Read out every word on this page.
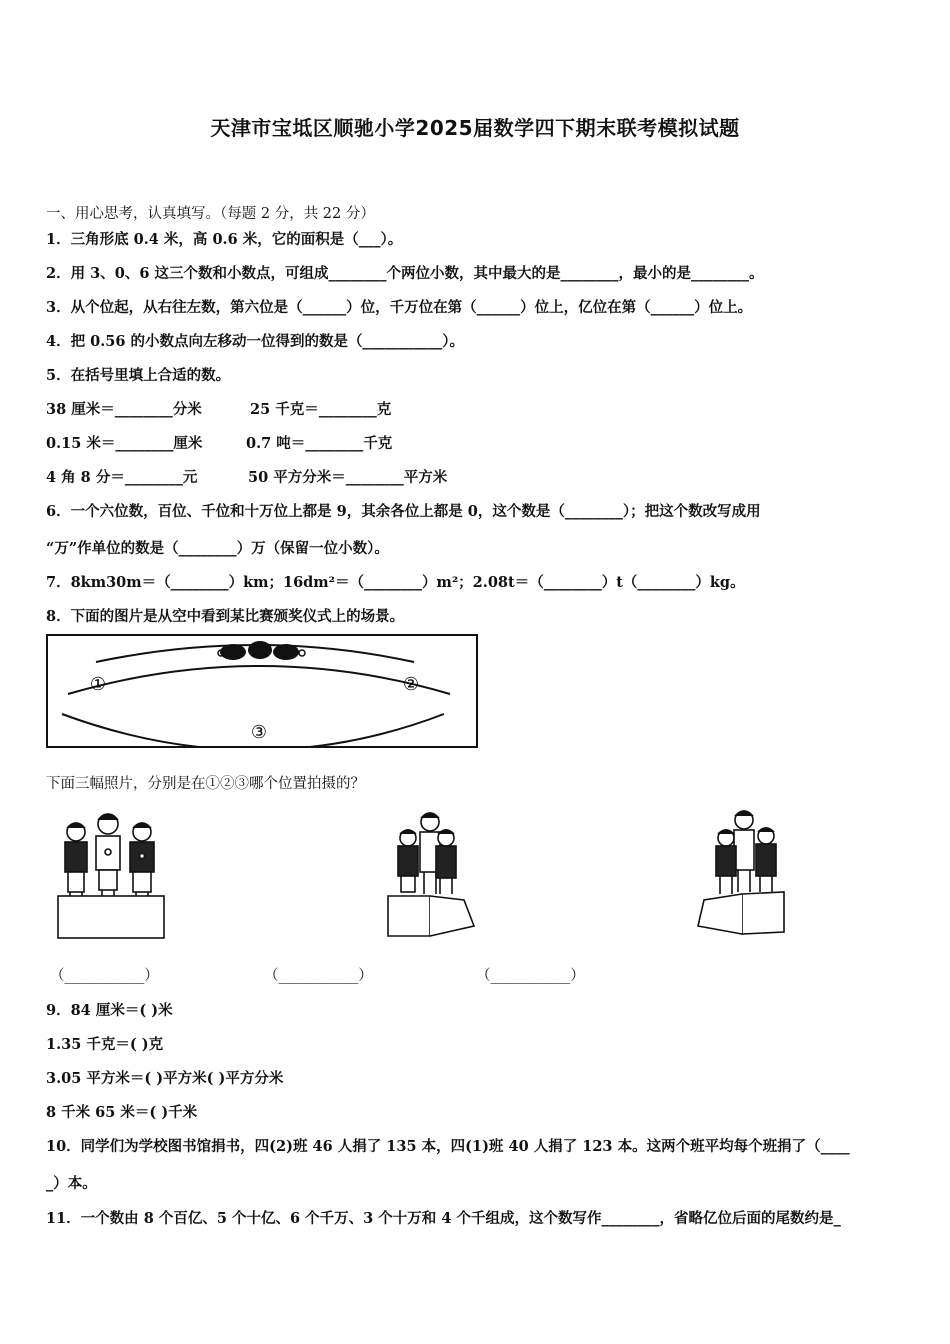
天津市宝坻区顺驰小学2025届数学四下期末联考模拟试题
一、用心思考，认真填写。（每题 2 分，共 22 分）
1．三角形底 0.4 米，高 0.6 米，它的面积是（___）。
2．用 3、0、6 这三个数和小数点，可组成________个两位小数，其中最大的是________，最小的是________。
3．从个位起，从右往左数，第六位是（______）位，千万位在第（______）位上，亿位在第（______）位上。
4．把 0.56 的小数点向左移动一位得到的数是（___________）。
5．在括号里填上合适的数。
38 厘米＝________分米	25 千克＝________克
0.15 米＝________厘米	0.7 吨＝________千克
4 角 8 分＝________元	50 平方分米＝________平方米
6．一个六位数，百位、千位和十万位上都是 9，其余各位上都是 0，这个数是（________）；把这个数改写成用
“万”作单位的数是（________）万（保留一位小数）。
7．8km30m＝（________）km；16dm²＝（________）m²；2.08t＝（________）t（________）kg。
8．下面的图片是从空中看到某比赛颁奖仪式上的场景。
①	②
③
下面三幅照片，分别是在①②③哪个位置拍摄的？
（___________）	（___________）	（___________）
9．84 厘米＝( )米
1.35 千克＝( )克
3.05 平方米＝( )平方米( )平方分米
8 千米 65 米＝( )千米
10．同学们为学校图书馆捐书，四(2)班 46 人捐了 135 本，四(1)班 40 人捐了 123 本。这两个班平均每个班捐了（____
_）本。
11．一个数由 8 个百亿、5 个十亿、6 个千万、3 个十万和 4 个千组成，这个数写作________，省略亿位后面的尾数约是_
